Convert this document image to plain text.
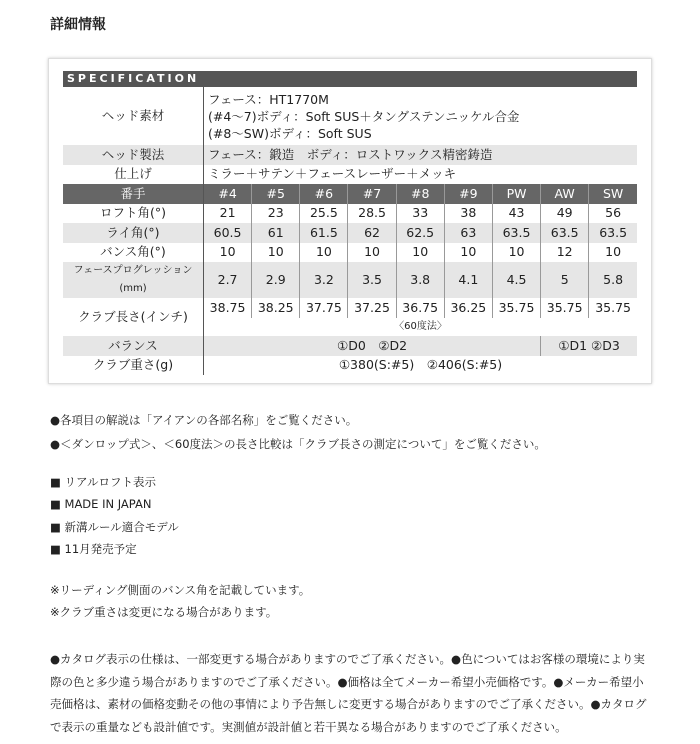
詳細情報
SPECIFICATION
ヘッド素材	フェース：HT1770M
(#4～7)ボディ：Soft SUS＋タングステンニッケル合金
(#8～SW)ボディ：Soft SUS								

ヘッド製法	フェース：鍛造　ボディ：ロストワックス精密鋳造								
仕上げ	ミラー＋サテン＋フェースレーザー＋メッキ								
番手	#4	#5	#6	#7	#8	#9	PW	AW	SW
ロフト角(°)	21	23	25.5	28.5	33	38	43	49	56
ライ角(°)	60.5	61	61.5	62	62.5	63	63.5	63.5	63.5
バンス角(°)	10	10	10	10	10	10	10	12	10
フェースプログレッション(mm)	2.7	2.9	3.2	3.5	3.8	4.1	4.5	5	5.8
クラブ長さ(インチ)	38.75	38.25	37.75	37.25	36.75	36.25	35.75	35.75	35.75
	〈60度法〉								
バランス	①D0　②D2							①D1 ②D3	
クラブ重さ(g)	①380(S:#5)　②406(S:#5)								
●各項目の解説は「アイアンの各部名称」をご覧ください。
●＜ダンロップ式＞、＜60度法＞の長さ比較は「クラブ長さの測定について」をご覧ください。
■ リアルロフト表示
■ MADE IN JAPAN
■ 新溝ルール適合モデル
■ 11月発売予定
※リーディング側面のバンス角を記載しています。
※クラブ重さは変更になる場合があります。
●カタログ表示の仕様は、一部変更する場合がありますのでご了承ください。●色についてはお客様の環境により実際の色と多少違う場合がありますのでご了承ください。●価格は全てメーカー希望小売価格です。●メーカー希望小売価格は、素材の価格変動その他の事情により予告無しに変更する場合がありますのでご了承ください。●カタログで表示の重量なども設計値です。実測値が設計値と若干異なる場合がありますのでご了承ください。
